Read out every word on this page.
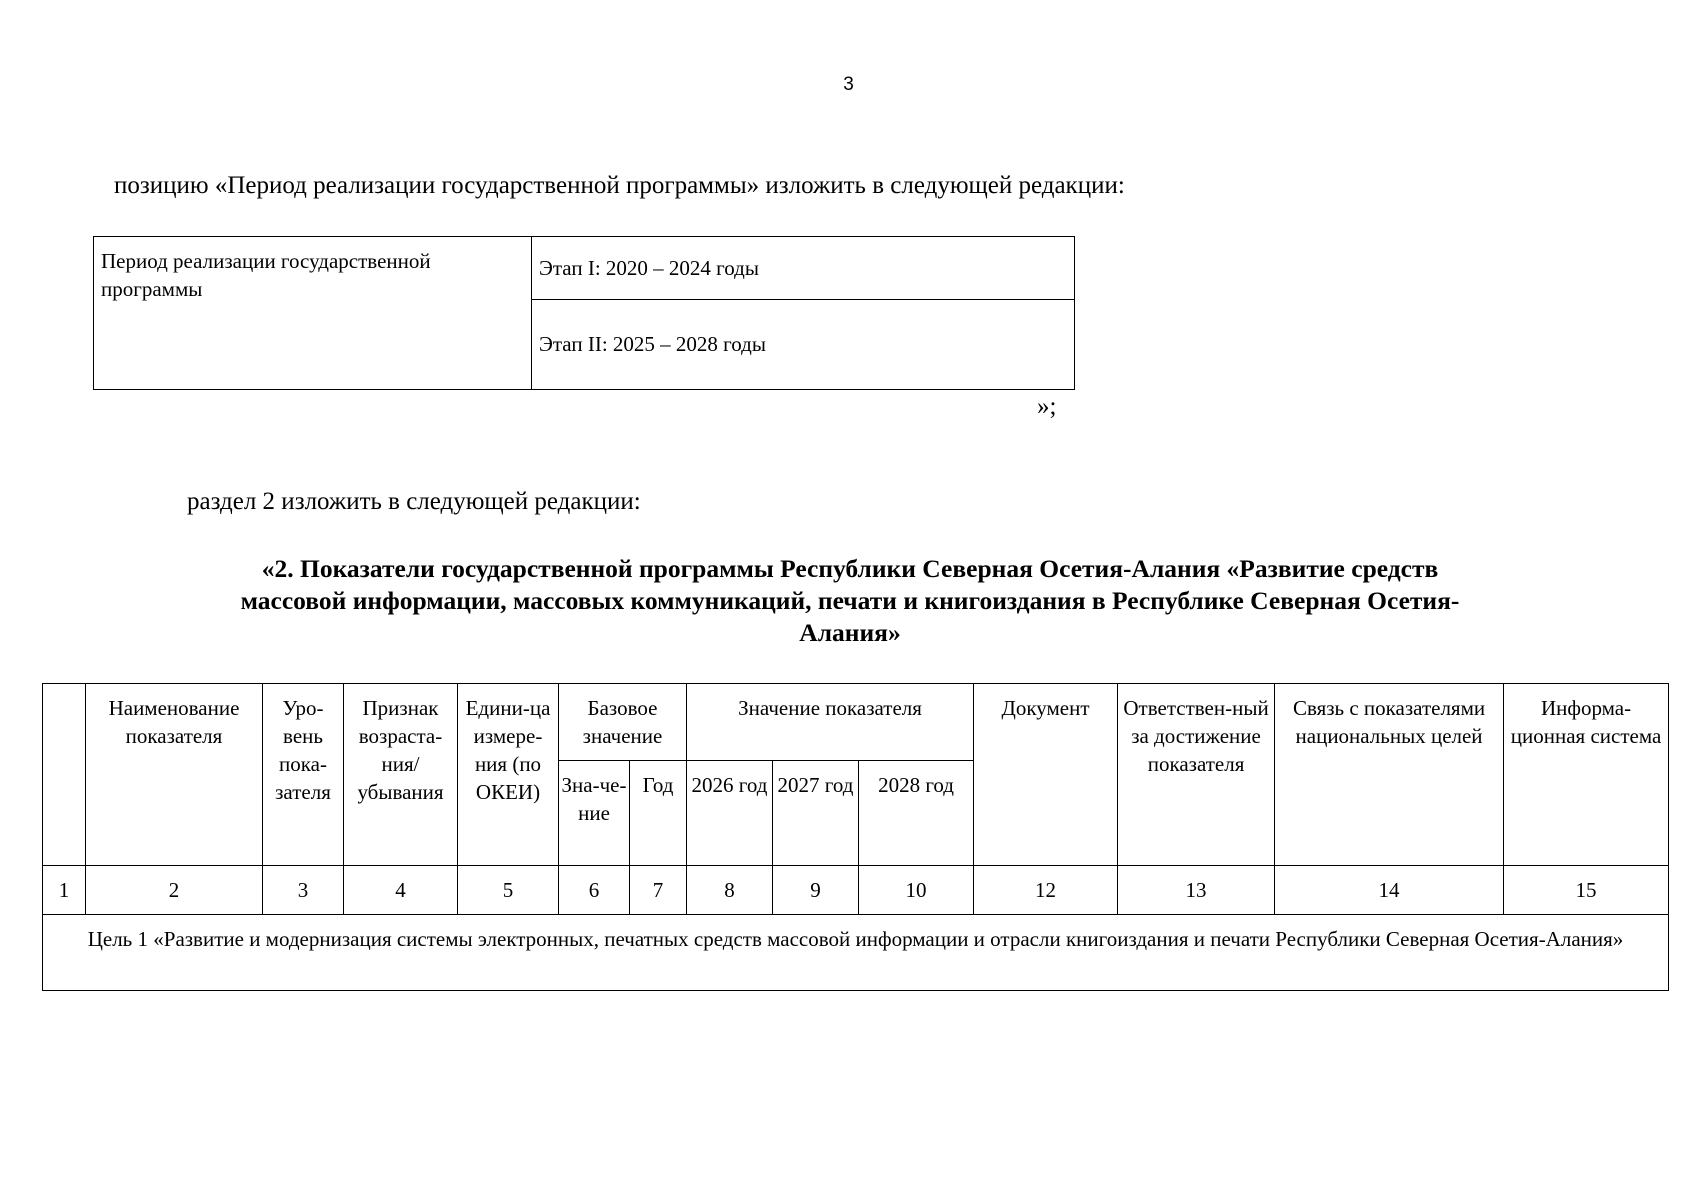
3
позицию «Период реализации государственной программы» изложить в следующей редакции:
Период реализации государственной программы	Этап I: 2020 – 2024 годы
Этап II: 2025 – 2028 годы
»;
раздел 2 изложить в следующей редакции:
«2. Показатели государственной программы Республики Северная Осетия-Алания «Развитие средств
массовой информации, массовых коммуникаций, печати и книгоиздания в Республике Северная Осетия-
Алания»
	Наименование показателя	Уро-вень пока-зателя	Признак возраста-ния/ убывания	Едини-ца измере-ния (по ОКЕИ)	Базовое значение		Значение показателя			Документ	Ответствен-ный за достижение показателя	Связь с показателями национальных целей	Информа-ционная система
					Зна-че-ние	Год	2026 год	2027 год	2028 год				
1	2	3	4	5	6	7	8	9	10	12	13	14	15
Цель 1 «Развитие и модернизация системы электронных, печатных средств массовой информации и отрасли книгоиздания и печати Республики Северная Осетия-Алания»													
